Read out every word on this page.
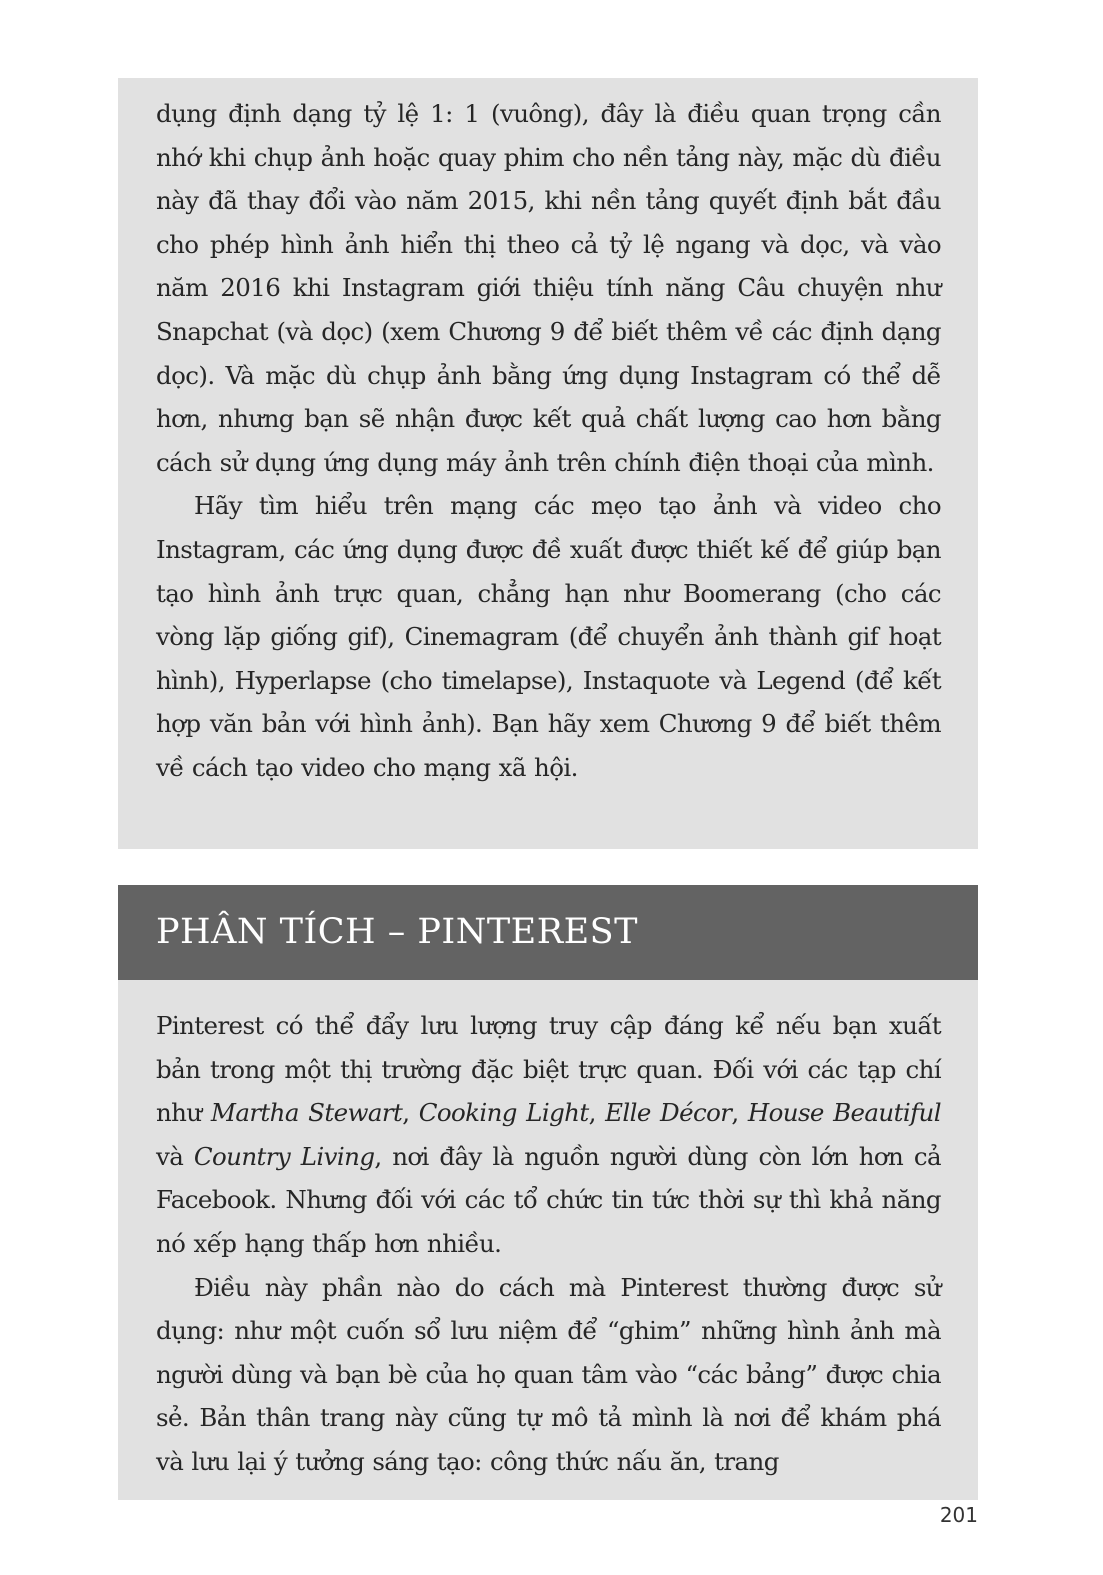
dụng định dạng tỷ lệ 1: 1 (vuông), đây là điều quan trọng cần nhớ khi chụp ảnh hoặc quay phim cho nền tảng này, mặc dù điều này đã thay đổi vào năm 2015, khi nền tảng quyết định bắt đầu cho phép hình ảnh hiển thị theo cả tỷ lệ ngang và dọc, và vào năm 2016 khi Instagram giới thiệu tính năng Câu chuyện như Snapchat (và dọc) (xem Chương 9 để biết thêm về các định dạng dọc). Và mặc dù chụp ảnh bằng ứng dụng Instagram có thể dễ hơn, nhưng bạn sẽ nhận được kết quả chất lượng cao hơn bằng cách sử dụng ứng dụng máy ảnh trên chính điện thoại của mình.

Hãy tìm hiểu trên mạng các mẹo tạo ảnh và video cho Instagram, các ứng dụng được đề xuất được thiết kế để giúp bạn tạo hình ảnh trực quan, chẳng hạn như Boomerang (cho các vòng lặp giống gif), Cinemagram (để chuyển ảnh thành gif hoạt hình), Hyperlapse (cho timelapse), Instaquote và Legend (để kết hợp văn bản với hình ảnh). Bạn hãy xem Chương 9 để biết thêm về cách tạo video cho mạng xã hội.

PHÂN TÍCH – PINTEREST

Pinterest có thể đẩy lưu lượng truy cập đáng kể nếu bạn xuất bản trong một thị trường đặc biệt trực quan. Đối với các tạp chí như Martha Stewart, Cooking Light, Elle Décor, House Beautiful và Country Living, nơi đây là nguồn người dùng còn lớn hơn cả Facebook. Nhưng đối với các tổ chức tin tức thời sự thì khả năng nó xếp hạng thấp hơn nhiều.

Điều này phần nào do cách mà Pinterest thường được sử dụng: như một cuốn sổ lưu niệm để “ghim” những hình ảnh mà người dùng và bạn bè của họ quan tâm vào “các bảng” được chia sẻ. Bản thân trang này cũng tự mô tả mình là nơi để khám phá và lưu lại ý tưởng sáng tạo: công thức nấu ăn, trang

201
